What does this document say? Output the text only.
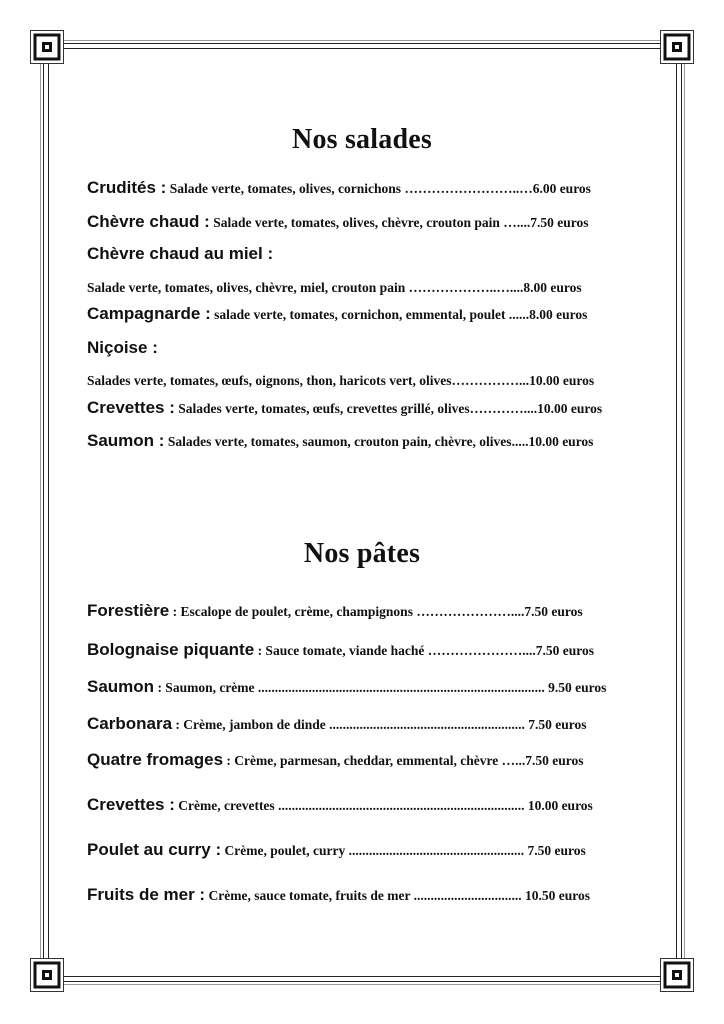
Nos salades
Crudités : Salade verte, tomates, olives, cornichons ……………………..…6.00 euros
Chèvre chaud : Salade verte, tomates, olives, chèvre, crouton pain …....7.50 euros
Chèvre chaud au miel :
Salade verte, tomates, olives, chèvre, miel, crouton pain ………………..…....8.00 euros
Campagnarde : salade verte, tomates, cornichon, emmental, poulet ......8.00 euros
Niçoise :
Salades verte, tomates, œufs, oignons, thon, haricots vert, olives……………...10.00 euros
Crevettes : Salades verte, tomates, œufs, crevettes grillé, olives…………....10.00 euros
Saumon : Salades verte, tomates, saumon, crouton pain, chèvre, olives.....10.00 euros
Nos pâtes
Forestière : Escalope de poulet, crème, champignons …………………....7.50 euros
Bolognaise piquante : Sauce tomate, viande haché …………………....7.50 euros
Saumon : Saumon, crème ..................................................................................... 9.50 euros
Carbonara : Crème, jambon de dinde .......................................................... 7.50 euros
Quatre fromages : Crème, parmesan, cheddar, emmental, chèvre …...7.50 euros
Crevettes : Crème, crevettes ......................................................................... 10.00 euros
Poulet au curry : Crème, poulet, curry .................................................... 7.50 euros
Fruits de mer : Crème, sauce tomate, fruits de mer ................................ 10.50 euros
